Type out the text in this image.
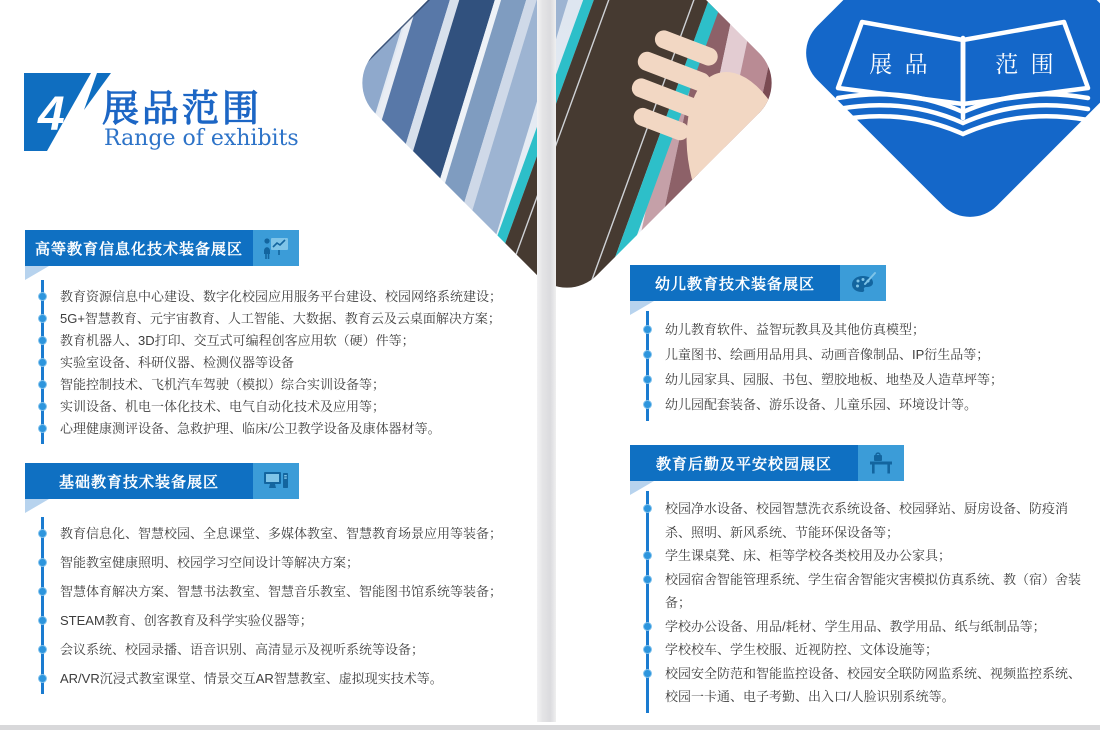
展 品	范 围
4 展品范围
Range of exhibits
高等教育信息化技术装备展区
教育资源信息中心建设、数字化校园应用服务平台建设、校园网络系统建设；
5G+智慧教育、元宇宙教育、人工智能、大数据、教育云及云桌面解决方案；
教育机器人、3D打印、交互式可编程创客应用软（硬）件等；
实验室设备、科研仪器、检测仪器等设备
智能控制技术、飞机汽车驾驶（模拟）综合实训设备等；
实训设备、机电一体化技术、电气自动化技术及应用等；
心理健康测评设备、急救护理、临床/公卫教学设备及康体器材等。
基础教育技术装备展区
教育信息化、智慧校园、全息课堂、多媒体教室、智慧教育场景应用等装备；
智能教室健康照明、校园学习空间设计等解决方案；
智慧体育解决方案、智慧书法教室、智慧音乐教室、智能图书馆系统等装备；
STEAM教育、创客教育及科学实验仪器等；
会议系统、校园录播、语音识别、高清显示及视听系统等设备；
AR/VR沉浸式教室课堂、情景交互AR智慧教室、虚拟现实技术等。
幼儿教育技术装备展区
幼儿教育软件、益智玩教具及其他仿真模型；
儿童图书、绘画用品用具、动画音像制品、IP衍生品等；
幼儿园家具、园服、书包、塑胶地板、地垫及人造草坪等；
幼儿园配套装备、游乐设备、儿童乐园、环境设计等。
教育后勤及平安校园展区
校园净水设备、校园智慧洗衣系统设备、校园驿站、厨房设备、防疫消杀、照明、新风系统、节能环保设备等；
学生课桌凳、床、柜等学校各类校用及办公家具；
校园宿舍智能管理系统、学生宿舍智能灾害模拟仿真系统、教（宿）舍装备；
学校办公设备、用品/耗材、学生用品、教学用品、纸与纸制品等；
学校校车、学生校服、近视防控、文体设施等；
校园安全防范和智能监控设备、校园安全联防网监系统、视频监控系统、校园一卡通、电子考勤、出入口/人脸识别系统等。
